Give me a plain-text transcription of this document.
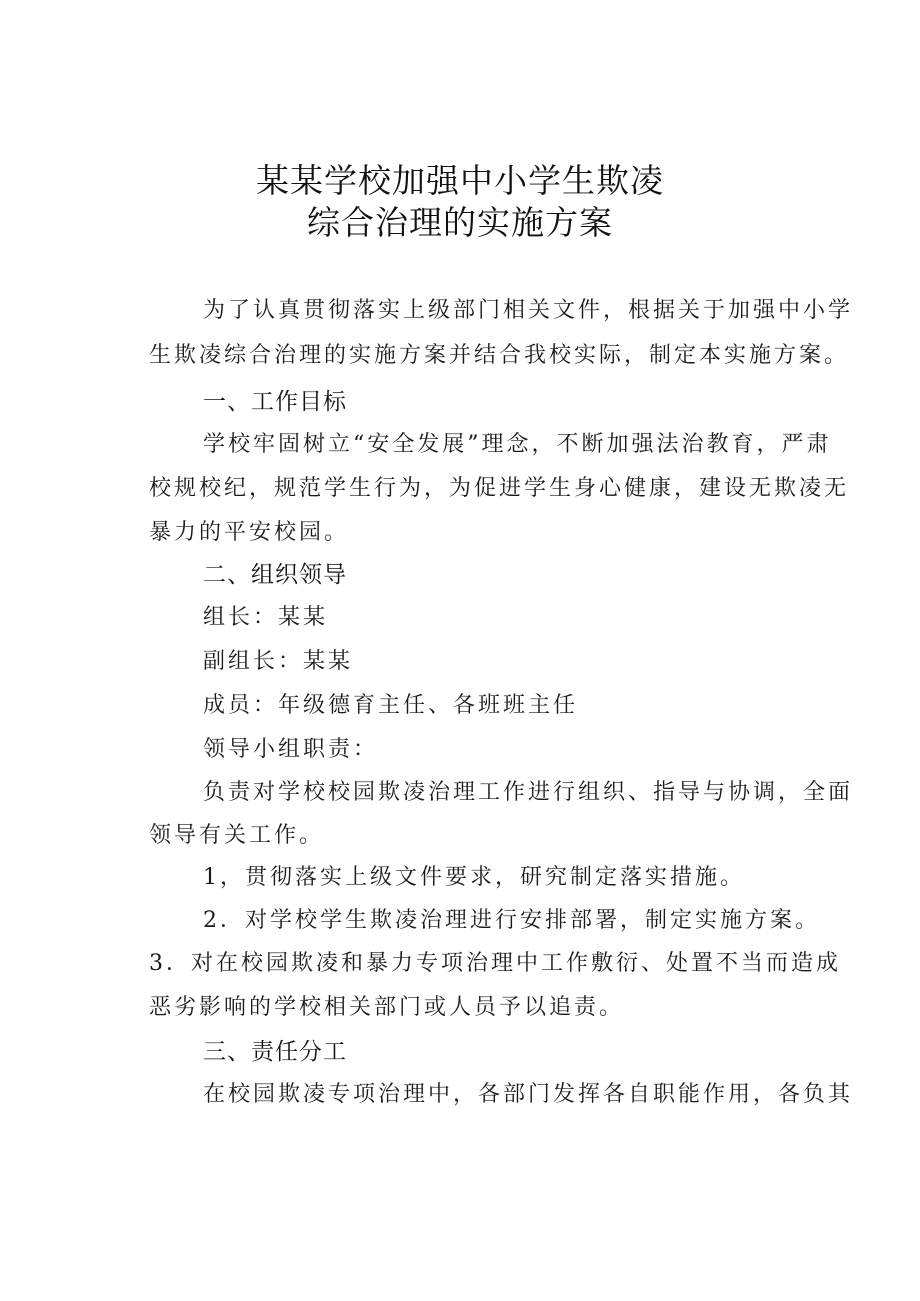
某某学校加强中小学生欺凌
综合治理的实施方案
为了认真贯彻落实上级部门相关文件，根据关于加强中小学
生欺凌综合治理的实施方案并结合我校实际，制定本实施方案。
一、工作目标
学校牢固树立“安全发展”理念，不断加强法治教育，严肃
校规校纪，规范学生行为，为促进学生身心健康，建设无欺凌无
暴力的平安校园。
二、组织领导
组长：某某
副组长：某某
成员：年级德育主任、各班班主任
领导小组职责：
负责对学校校园欺凌治理工作进行组织、指导与协调，全面
领导有关工作。
1，贯彻落实上级文件要求，研究制定落实措施。
2．对学校学生欺凌治理进行安排部署，制定实施方案。
3．对在校园欺凌和暴力专项治理中工作敷衍、处置不当而造成
恶劣影响的学校相关部门或人员予以追责。
三、责任分工
在校园欺凌专项治理中，各部门发挥各自职能作用，各负其
